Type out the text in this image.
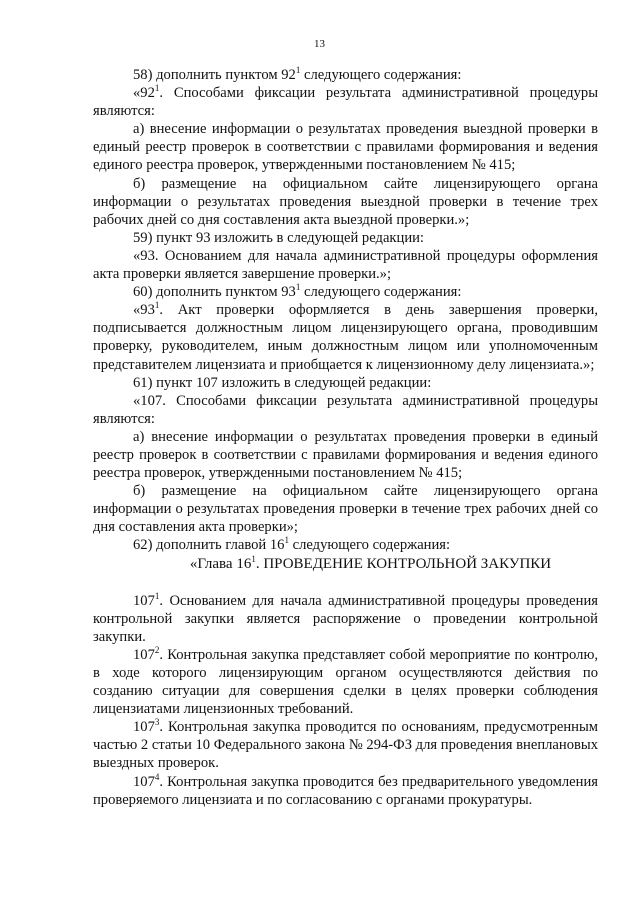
13

58) дополнить пунктом $92^1$ следующего содержания:

«$92^1$. Способами фиксации результата административной процедуры являются:

а) внесение информации о результатах проведения выездной проверки в единый реестр проверок в соответствии с правилами формирования и ведения единого реестра проверок, утвержденными постановлением № 415;

б) размещение на официальном сайте лицензирующего органа информации о результатах проведения выездной проверки в течение трех рабочих дней со дня составления акта выездной проверки.»;

59) пункт 93 изложить в следующей редакции:

«93. Основанием для начала административной процедуры оформления акта проверки является завершение проверки.»;

60) дополнить пунктом $93^1$ следующего содержания:

«$93^1$. Акт проверки оформляется в день завершения проверки, подписывается должностным лицом лицензирующего органа, проводившим проверку, руководителем, иным должностным лицом или уполномоченным представителем лицензиата и приобщается к лицензионному делу лицензиата.»;

61) пункт 107 изложить в следующей редакции:

«107. Способами фиксации результата административной процедуры являются:

а) внесение информации о результатах проведения проверки в единый реестр проверок в соответствии с правилами формирования и ведения единого реестра проверок, утвержденными постановлением № 415;

б) размещение на официальном сайте лицензирующего органа информации о результатах проведения проверки в течение трех рабочих дней со дня составления акта проверки»;

62) дополнить главой $16^1$ следующего содержания:

«Глава $16^1$. ПРОВЕДЕНИЕ КОНТРОЛЬНОЙ ЗАКУПКИ

$107^1$. Основанием для начала административной процедуры проведения контрольной закупки является распоряжение о проведении контрольной закупки.

$107^2$. Контрольная закупка представляет собой мероприятие по контролю, в ходе которого лицензирующим органом осуществляются действия по созданию ситуации для совершения сделки в целях проверки соблюдения лицензиатами лицензионных требований.

$107^3$. Контрольная закупка проводится по основаниям, предусмотренным частью 2 статьи 10 Федерального закона № 294-ФЗ для проведения внеплановых выездных проверок.

$107^4$. Контрольная закупка проводится без предварительного уведомления проверяемого лицензиата и по согласованию с органами прокуратуры.
